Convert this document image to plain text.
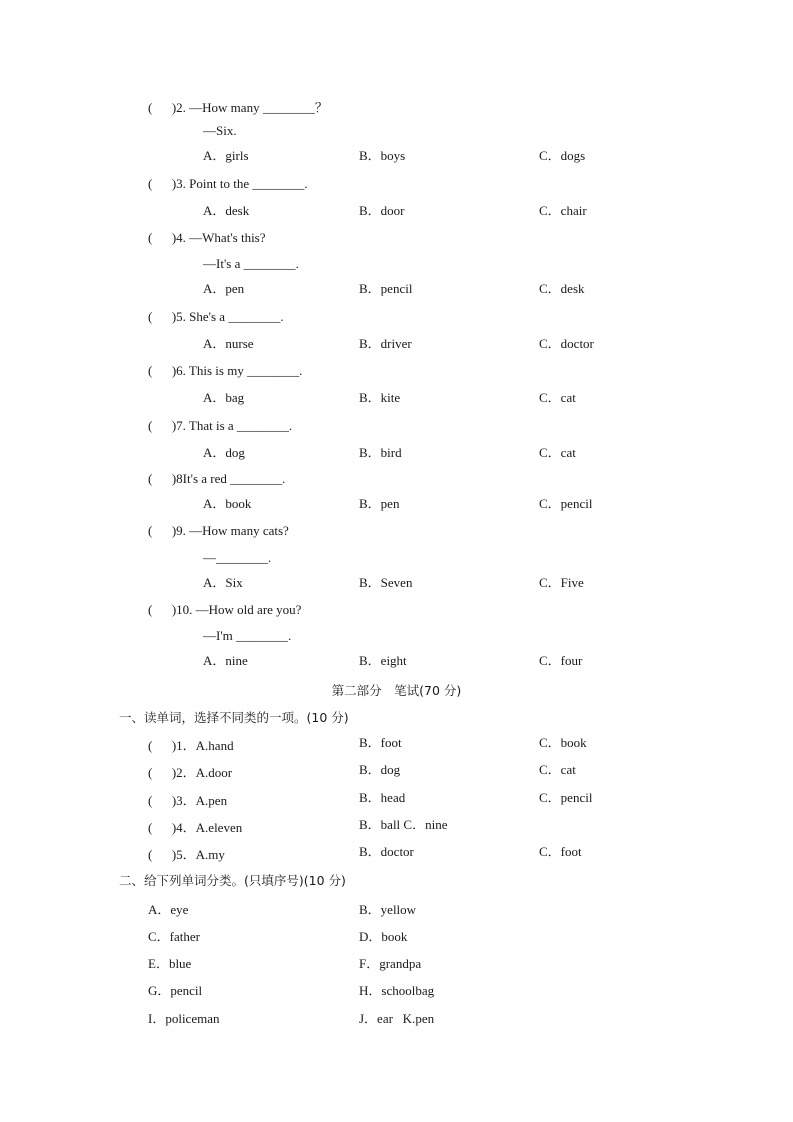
(      )2. —How many ________？
—Six.
A．girls	B．boys	C．dogs
(      )3. Point to the ________.
A．desk	B．door	C．chair
(      )4. —What's this?
—It's a ________.
A．pen	B．pencil	C．desk
(      )5. She's a ________.
A．nurse	B．driver	C．doctor
(      )6. This is my ________.
A．bag	B．kite	C．cat
(      )7. That is a ________.
A．dog	B．bird	C．cat
(      )8It's a red ________.
A．book	B．pen	C．pencil
(      )9. —How many cats?
—________.
A．Six	B．Seven	C．Five
(      )10. —How old are you?
—I'm ________.
A．nine	B．eight	C．four
第二部分　笔试(70 分)
一、读单词，选择不同类的一项。(10 分)
(      )1．A.hand	B．foot	C．book
(      )2．A.door	B．dog	C．cat
(      )3．A.pen	B．head	C．pencil
(      )4．A.eleven	B．ball C．nine
(      )5．A.my	B．doctor	C．foot
二、给下列单词分类。(只填序号)(10 分)
A．eye	B．yellow
C．father	D．book
E．blue	F．grandpa
G．pencil	H．schoolbag
I．policeman	J．ear   K.pen
